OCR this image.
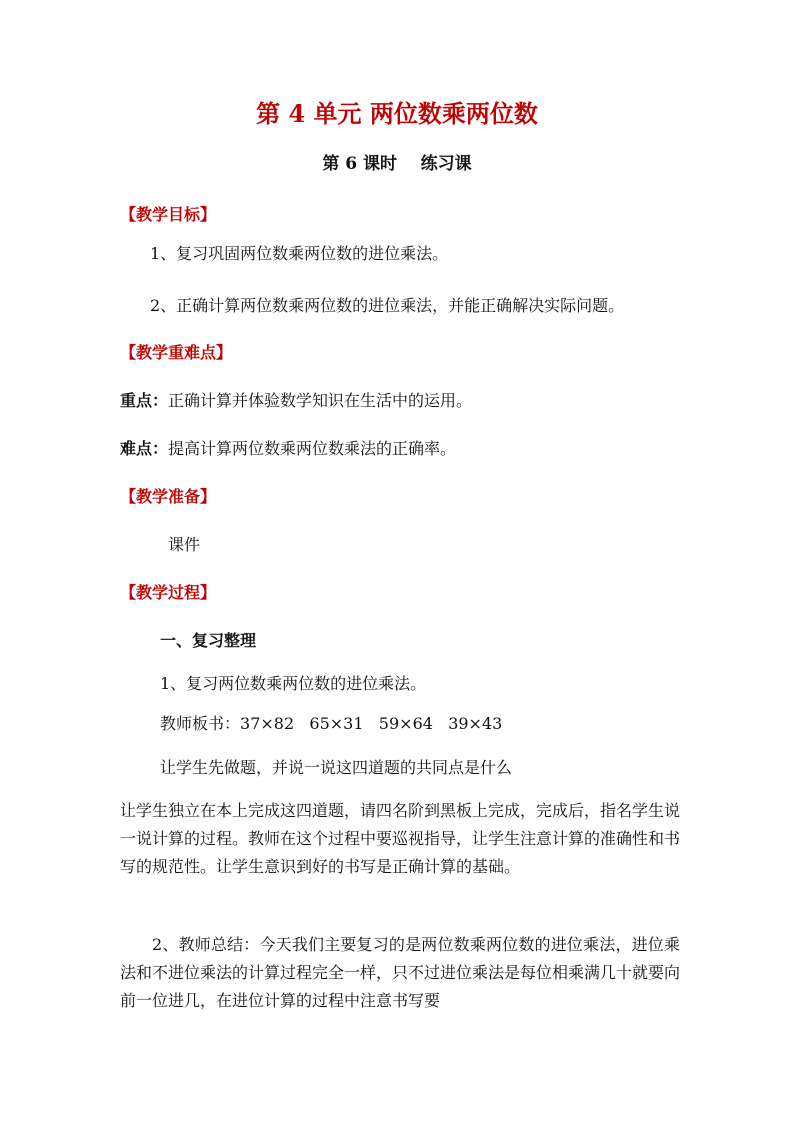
第 4 单元 两位数乘两位数
第 6 课时    练习课
【教学目标】
1、复习巩固两位数乘两位数的进位乘法。
2、正确计算两位数乘两位数的进位乘法，并能正确解决实际问题。
【教学重难点】
重点：正确计算并体验数学知识在生活中的运用。
难点：提高计算两位数乘两位数乘法的正确率。
【教学准备】
课件
【教学过程】
一、复习整理
1、复习两位数乘两位数的进位乘法。
教师板书：37×82 65×31 59×64 39×43
让学生先做题，并说一说这四道题的共同点是什么
让学生独立在本上完成这四道题，请四名阶到黑板上完成，完成后，指名学生说一说计算的过程。教师在这个过程中要巡视指导，让学生注意计算的准确性和书写的规范性。让学生意识到好的书写是正确计算的基础。
2、教师总结：今天我们主要复习的是两位数乘两位数的进位乘法，进位乘法和不进位乘法的计算过程完全一样，只不过进位乘法是每位相乘满几十就要向前一位进几，在进位计算的过程中注意书写要
